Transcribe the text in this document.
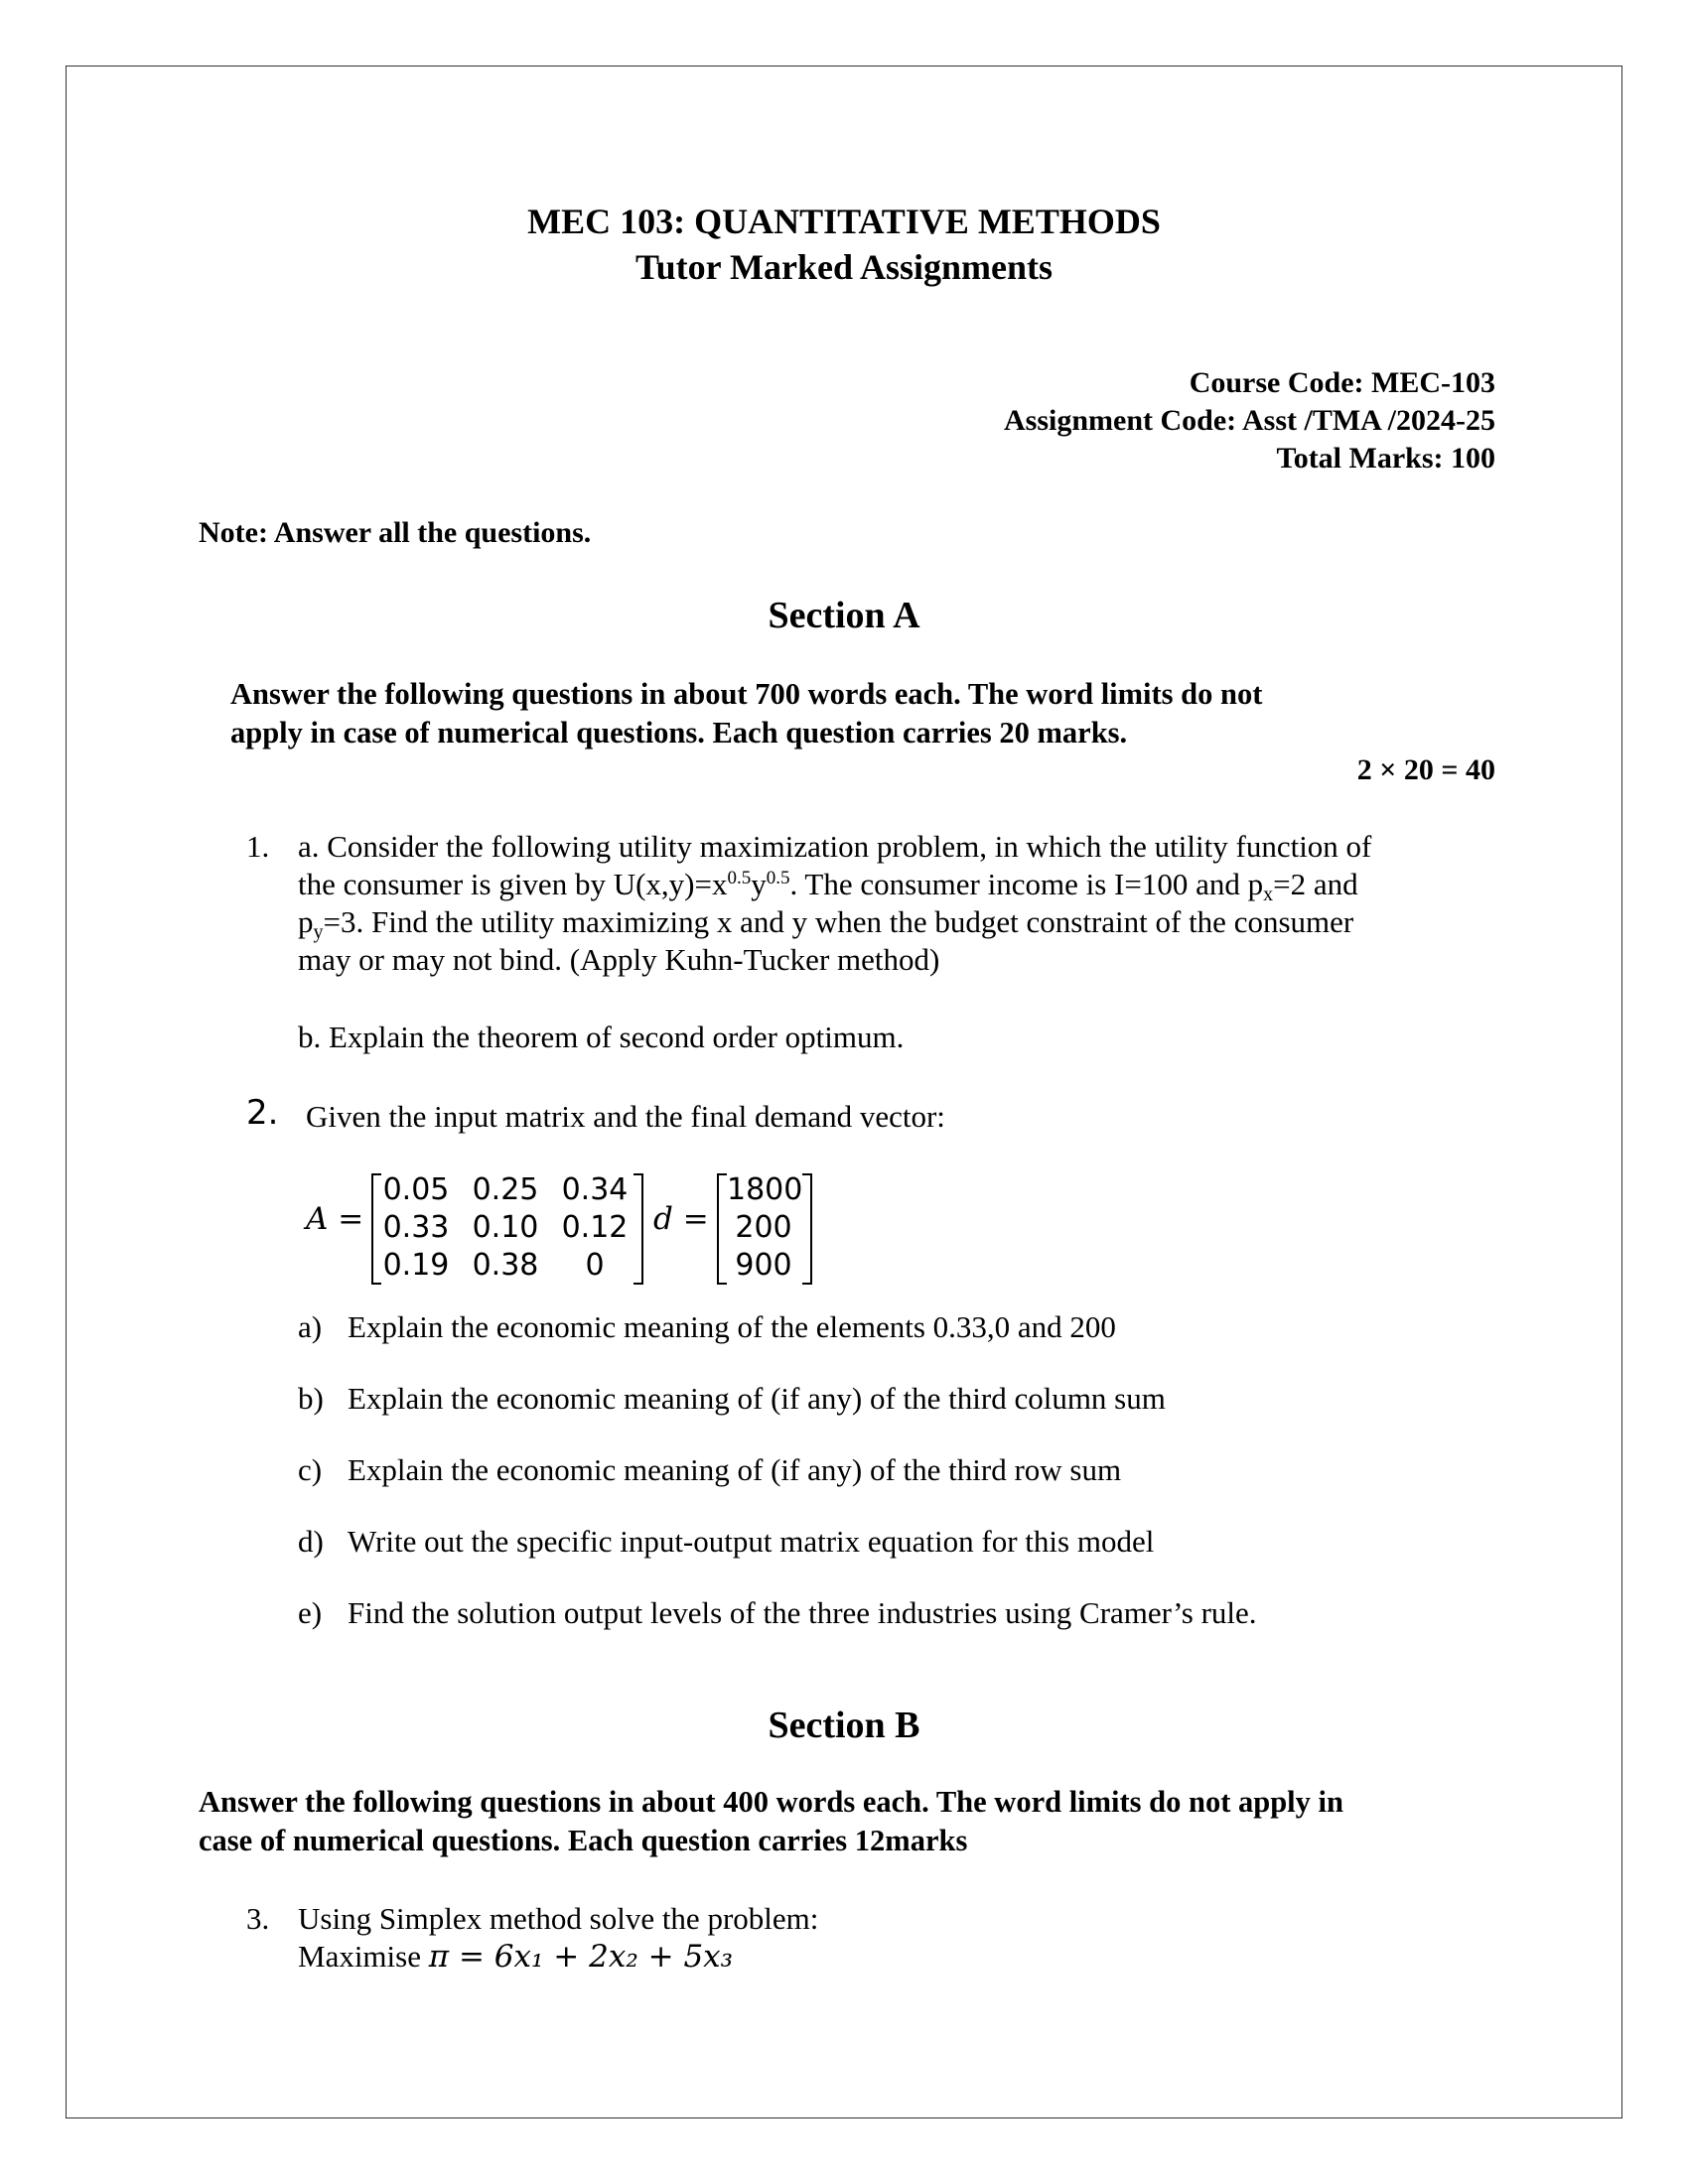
MEC 103: QUANTITATIVE METHODS

Tutor Marked Assignments

Course Code: MEC-103

Assignment Code: Asst /TMA /2024-25

Total Marks: 100

Note: Answer all the questions.

Section A

Answer the following questions in about 700 words each. The word limits do not

apply in case of numerical questions. Each question carries 20 marks.

2 × 20 = 40

1. a. Consider the following utility maximization problem, in which the utility function of

the consumer is given by $U(x,y)=x^{0.5}y^{0.5}$. The consumer income is I=100 and px=2 and

py=3. Find the utility maximizing x and y when the budget constraint of the consumer

may or may not bind. (Apply Kuhn-Tucker method)

b. Explain the theorem of second order optimum.

2. Given the input matrix and the final demand vector:

A =

0.05 0.25 0.34
0.33 0.10 0.12
0.19 0.38	0

d =

1800
200
900

a) Explain the economic meaning of the elements 0.33,0 and 200

b) Explain the economic meaning of (if any) of the third column sum

c) Explain the economic meaning of (if any) of the third row sum

d) Write out the specific input-output matrix equation for this model

e) Find the solution output levels of the three industries using Cramer’s rule.

Section B

Answer the following questions in about 400 words each. The word limits do not apply in

case of numerical questions. Each question carries 12marks

3. Using Simplex method solve the problem:

Maximise π = 6x₁ + 2x₂ + 5x₃
